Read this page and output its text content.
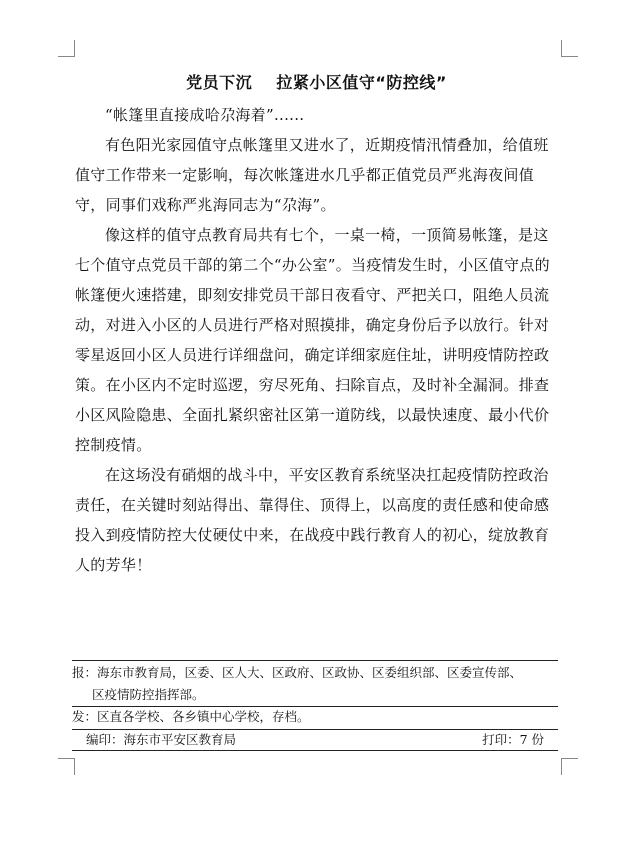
党员下沉    拉紧小区值守“防控线”

“帐篷里直接成哈尕海着”......

有色阳光家园值守点帐篷里又进水了，近期疫情汛情叠加，给值班值守工作带来一定影响，每次帐篷进水几乎都正值党员严兆海夜间值守，同事们戏称严兆海同志为“尕海”。

像这样的值守点教育局共有七个，一桌一椅，一顶简易帐篷，是这七个值守点党员干部的第二个“办公室”。当疫情发生时，小区值守点的帐篷便火速搭建，即刻安排党员干部日夜看守、严把关口，阻绝人员流动，对进入小区的人员进行严格对照摸排，确定身份后予以放行。针对零星返回小区人员进行详细盘问，确定详细家庭住址，讲明疫情防控政策。在小区内不定时巡逻，穷尽死角、扫除盲点，及时补全漏洞。排查小区风险隐患、全面扎紧织密社区第一道防线，以最快速度、最小代价控制疫情。

在这场没有硝烟的战斗中，平安区教育系统坚决扛起疫情防控政治责任，在关键时刻站得出、靠得住、顶得上，以高度的责任感和使命感投入到疫情防控大仗硬仗中来，在战疫中践行教育人的初心，绽放教育人的芳华！

报：海东市教育局，区委、区人大、区政府、区政协、区委组织部、区委宣传部、
区疫情防控指挥部。
发：区直各学校、各乡镇中心学校，存档。
编印：海东市平安区教育局	打印：7 份
